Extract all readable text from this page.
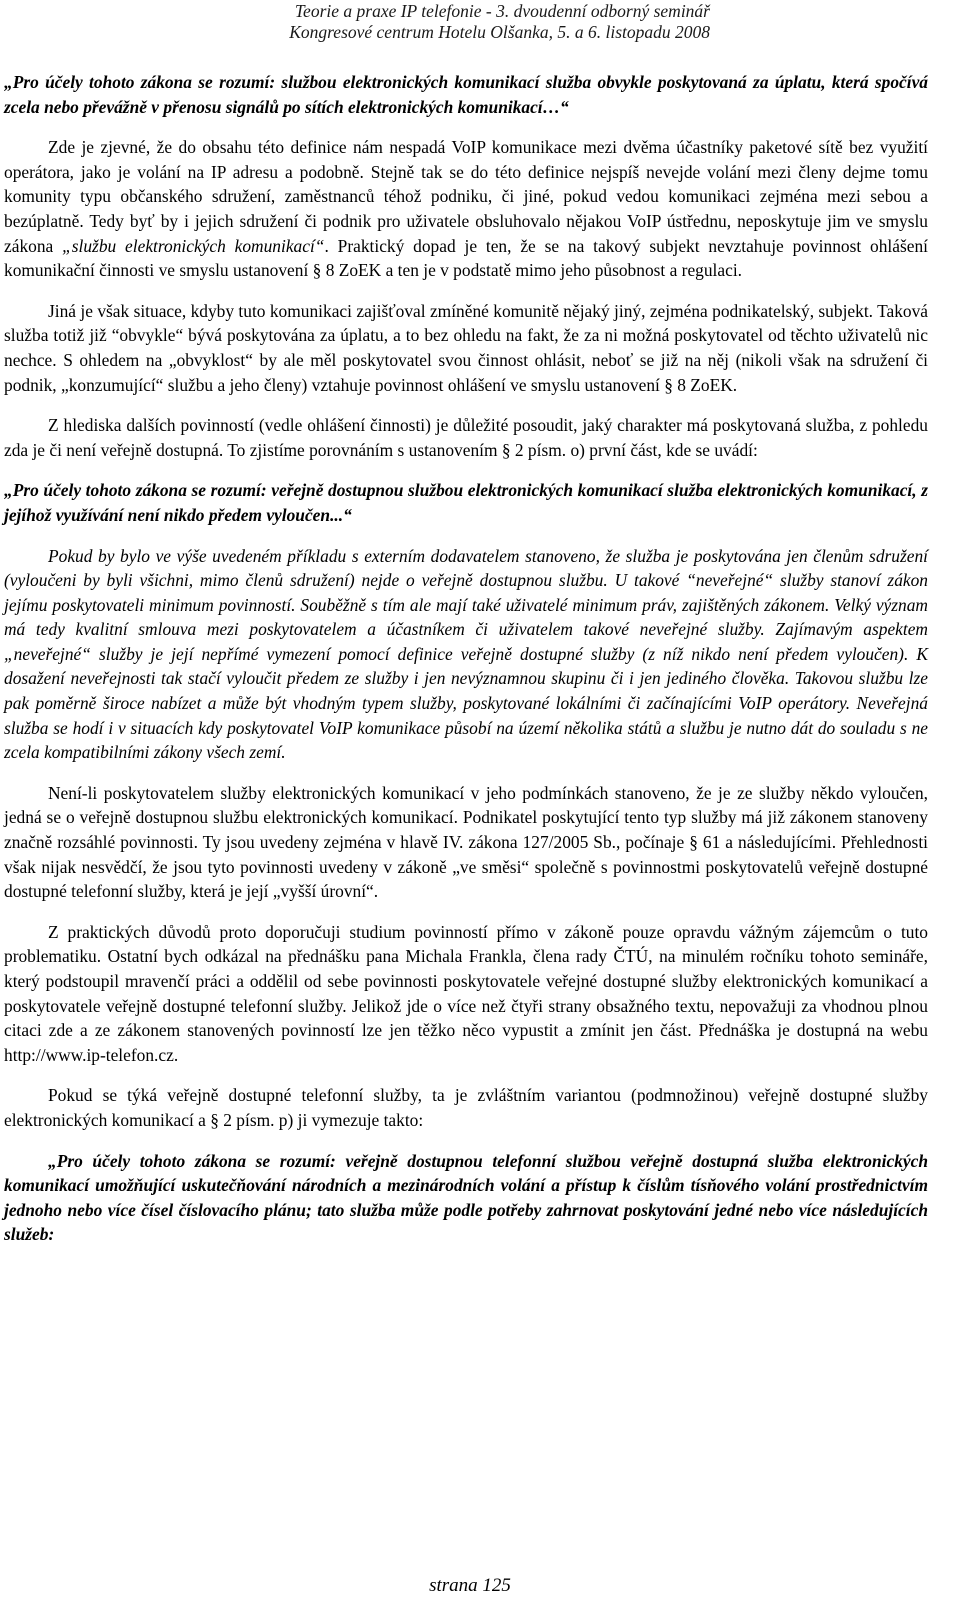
Teorie a praxe IP telefonie - 3. dvoudenní odborný seminář
Kongresové centrum Hotelu Olšanka, 5. a 6. listopadu 2008

„Pro účely tohoto zákona se rozumí: službou elektronických komunikací služba obvykle poskytovaná za úplatu, která spočívá zcela nebo převážně v přenosu signálů po sítích elektronických komunikací…“

Zde je zjevné, že do obsahu této definice nám nespadá VoIP komunikace mezi dvěma účastníky paketové sítě bez využití operátora, jako je volání na IP adresu a podobně. Stejně tak se do této definice nejspíš nevejde volání mezi členy dejme tomu komunity typu občanského sdružení, zaměstnanců téhož podniku, či jiné, pokud vedou komunikaci zejména mezi sebou a bezúplatně. Tedy byť by i jejich sdružení či podnik pro uživatele obsluhovalo nějakou VoIP ústřednu, neposkytuje jim ve smyslu zákona „službu elektronických komunikací“. Praktický dopad je ten, že se na takový subjekt nevztahuje povinnost ohlášení komunikační činnosti ve smyslu ustanovení § 8 ZoEK a ten je v podstatě mimo jeho působnost a regulaci.

Jiná je však situace, kdyby tuto komunikaci zajišťoval zmíněné komunitě nějaký jiný, zejména podnikatelský, subjekt. Taková služba totiž již “obvykle“ bývá poskytována za úplatu, a to bez ohledu na fakt, že za ni možná poskytovatel od těchto uživatelů nic nechce. S ohledem na „obvyklost“ by ale měl poskytovatel svou činnost ohlásit, neboť se již na něj (nikoli však na sdružení či podnik, „konzumující“ službu a jeho členy) vztahuje povinnost ohlášení ve smyslu ustanovení § 8 ZoEK.

Z hlediska dalších povinností (vedle ohlášení činnosti) je důležité posoudit, jaký charakter má poskytovaná služba, z pohledu zda je či není veřejně dostupná. To zjistíme porovnáním s ustanovením § 2 písm. o) první část, kde se uvádí:

„Pro účely tohoto zákona se rozumí: veřejně dostupnou službou elektronických komunikací služba elektronických komunikací, z jejíhož využívání není nikdo předem vyloučen...“

Pokud by bylo ve výše uvedeném příkladu s externím dodavatelem stanoveno, že služba je poskytována jen členům sdružení (vyloučeni by byli všichni, mimo členů sdružení) nejde o veřejně dostupnou službu. U takové “neveřejné“ služby stanoví zákon jejímu poskytovateli minimum povinností. Souběžně s tím ale mají také uživatelé minimum práv, zajištěných zákonem. Velký význam má tedy kvalitní smlouva mezi poskytovatelem a účastníkem či uživatelem takové neveřejné služby. Zajímavým aspektem „neveřejné“ služby je její nepřímé vymezení pomocí definice veřejně dostupné služby (z níž nikdo není předem vyloučen). K dosažení neveřejnosti tak stačí vyloučit předem ze služby i jen nevýznamnou skupinu či i jen jediného člověka. Takovou službu lze pak poměrně široce nabízet a může být vhodným typem služby, poskytované lokálními či začínajícími VoIP operátory. Neveřejná služba se hodí i v situacích kdy poskytovatel VoIP komunikace působí na území několika států a službu je nutno dát do souladu s ne zcela kompatibilními zákony všech zemí.

Není-li poskytovatelem služby elektronických komunikací v jeho podmínkách stanoveno, že je ze služby někdo vyloučen, jedná se o veřejně dostupnou službu elektronických komunikací. Podnikatel poskytující tento typ služby má již zákonem stanoveny značně rozsáhlé povinnosti. Ty jsou uvedeny zejména v hlavě IV. zákona 127/2005 Sb., počínaje § 61 a následujícími. Přehlednosti však nijak nesvědčí, že jsou tyto povinnosti uvedeny v zákoně „ve směsi“ společně s povinnostmi poskytovatelů veřejně dostupné dostupné telefonní služby, která je její „vyšší úrovní“.

Z praktických důvodů proto doporučuji studium povinností přímo v zákoně pouze opravdu vážným zájemcům o tuto problematiku. Ostatní bych odkázal na přednášku pana Michala Frankla, člena rady ČTÚ, na minulém ročníku tohoto semináře, který podstoupil mravenčí práci a oddělil od sebe povinnosti poskytovatele veřejné dostupné služby elektronických komunikací a poskytovatele veřejně dostupné telefonní služby. Jelikož jde o více než čtyři strany obsažného textu, nepovažuji za vhodnou plnou citaci zde a ze zákonem stanovených povinností lze jen těžko něco vypustit a zmínit jen část. Přednáška je dostupná na webu http://www.ip-telefon.cz.

Pokud se týká veřejně dostupné telefonní služby, ta je zvláštním variantou (podmnožinou) veřejně dostupné služby elektronických komunikací a § 2 písm. p) ji vymezuje takto:

„Pro účely tohoto zákona se rozumí: veřejně dostupnou telefonní službou veřejně dostupná služba elektronických komunikací umožňující uskutečňování národních a mezinárodních volání a přístup k číslům tísňového volání prostřednictvím jednoho nebo více čísel číslovacího plánu; tato služba může podle potřeby zahrnovat poskytování jedné nebo více následujících služeb:

strana 125
